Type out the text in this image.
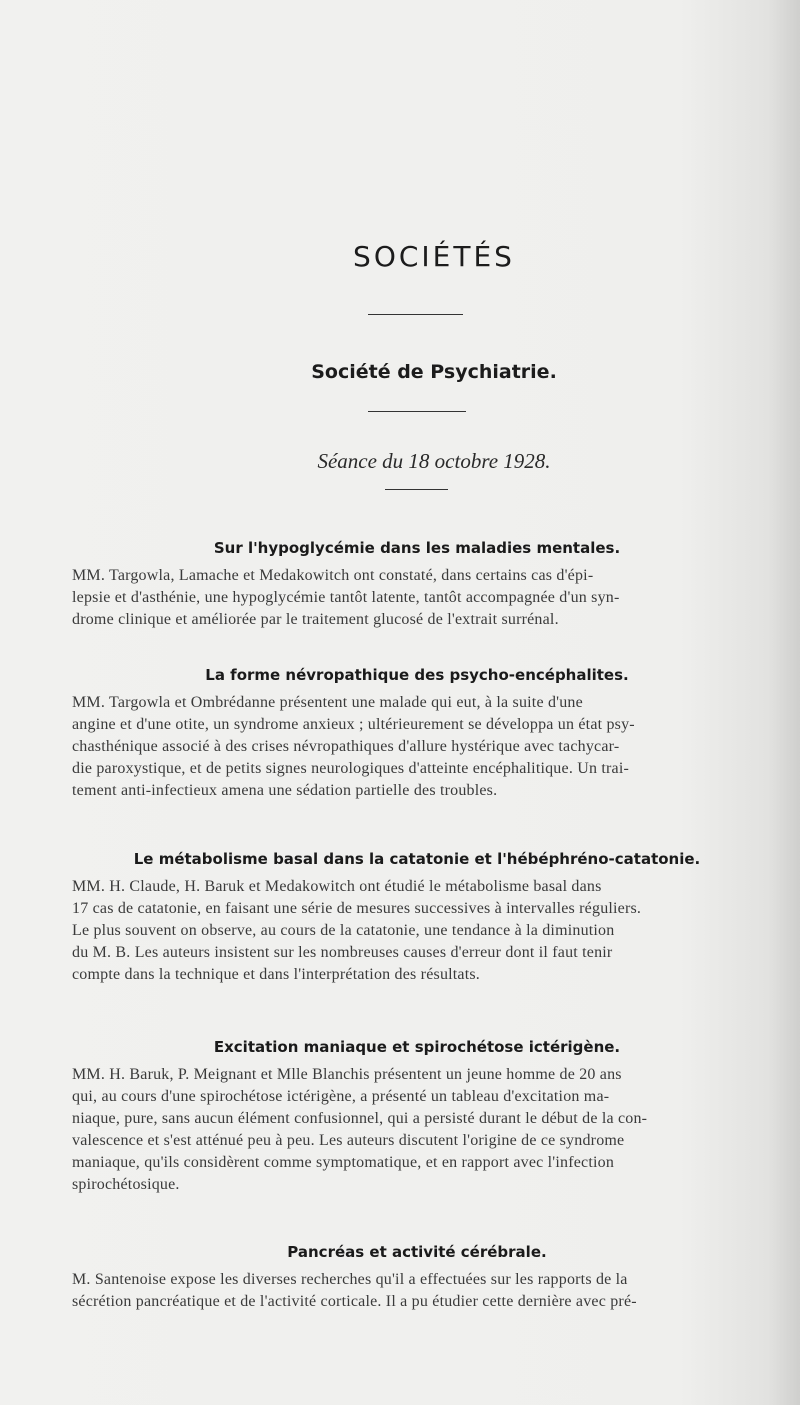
SOCIÉTÉS
Société de Psychiatrie.
Séance du 18 octobre 1928.
Sur l'hypoglycémie dans les maladies mentales.

MM. Targowla, Lamache et Medakowitch ont constaté, dans certains cas d'épi-
lepsie et d'asthénie, une hypoglycémie tantôt latente, tantôt accompagnée d'un syn-
drome clinique et améliorée par le traitement glucosé de l'extrait surrénal.

La forme névropathique des psycho-encéphalites.

MM. Targowla et Ombrédanne présentent une malade qui eut, à la suite d'une
angine et d'une otite, un syndrome anxieux ; ultérieurement se développa un état psy-
chasthénique associé à des crises névropathiques d'allure hystérique avec tachycar-
die paroxystique, et de petits signes neurologiques d'atteinte encéphalitique. Un trai-
tement anti-infectieux amena une sédation partielle des troubles.

Le métabolisme basal dans la catatonie et l'hébéphréno-catatonie.

MM. H. Claude, H. Baruk et Medakowitch ont étudié le métabolisme basal dans
17 cas de catatonie, en faisant une série de mesures successives à intervalles réguliers.
Le plus souvent on observe, au cours de la catatonie, une tendance à la diminution
du M. B. Les auteurs insistent sur les nombreuses causes d'erreur dont il faut tenir
compte dans la technique et dans l'interprétation des résultats.

Excitation maniaque et spirochétose ictérigène.

MM. H. Baruk, P. Meignant et Mlle Blanchis présentent un jeune homme de 20 ans
qui, au cours d'une spirochétose ictérigène, a présenté un tableau d'excitation ma-
niaque, pure, sans aucun élément confusionnel, qui a persisté durant le début de la con-
valescence et s'est atténué peu à peu. Les auteurs discutent l'origine de ce syndrome
maniaque, qu'ils considèrent comme symptomatique, et en rapport avec l'infection
spirochétosique.

Pancréas et activité cérébrale.

M. Santenoise expose les diverses recherches qu'il a effectuées sur les rapports de la
sécrétion pancréatique et de l'activité corticale. Il a pu étudier cette dernière avec pré-
